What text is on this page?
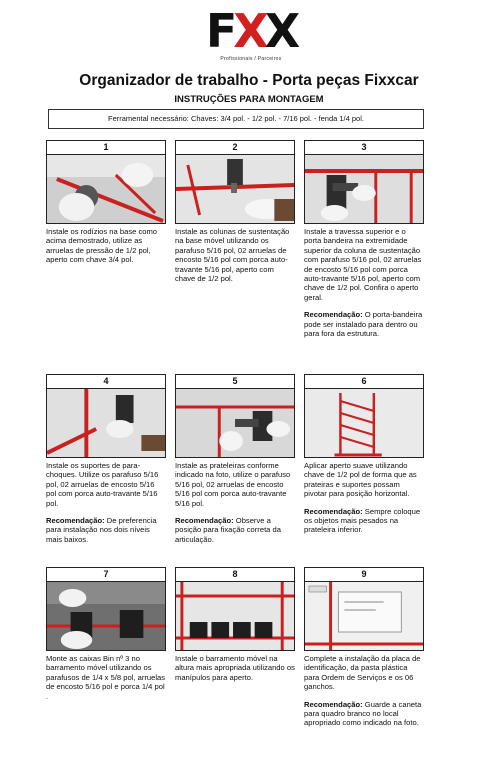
FXX
Profissionais / Parceiros
Organizador de trabalho - Porta peças Fixxcar
INSTRUÇÕES PARA MONTAGEM
Ferramental necessário: Chaves: 3/4 pol. - 1/2 pol. - 7/16 pol. - fenda 1/4 pol.
1
Instale os rodízios na base como acima demostrado, utilize as arruelas de pressão de 1/2 pol, aperto com chave 3/4 pol.
2
Instale as colunas de sustentação na base móvel utilizando os parafuso 5/16 pol, 02 arruelas de encosto 5/16 pol com porca auto-travante 5/16 pol, aperto com chave de 1/2 pol.
3
Instale a travessa superior e o porta bandeira na extremidade superior da coluna de sustentação com parafuso 5/16 pol, 02 arruelas de encosto 5/16 pol com porca auto-travante 5/16 pol, aperto com chave de 1/2 pol. Confira o aperto geral.
Recomendação: O porta-bandeira pode ser instalado para dentro ou para fora da estrutura.
4
Instale os suportes de para-choques. Utilize os parafuso 5/16 pol, 02 arruelas de encosto 5/16 pol com porca auto-travante 5/16 pol.
Recomendação: De preferencia para instalação nos dois níveis mais baixos.
5
Instale as prateleiras conforme indicado na foto, utilize o parafuso 5/16 pol, 02 arruelas de encosto 5/16 pol com porca auto-travante 5/16 pol.
Recomendação: Observe a posição para fixação correta da articulação.
6
Aplicar aperto suave utilizando chave de 1/2 pol de forma que as prateiras e suportes possam pivotar para posição horizontal.
Recomendação: Sempre coloque os objetos mais pesados na prateleira inferior.
7
Monte as caixas Bin nº 3 no barramento móvel utilizando os parafusos de 1/4 x 5/8 pol, arruelas de encosto 5/16 pol e porca 1/4 pol .
8
Instale o barramento móvel na altura mais apropriada utilizando os manípulos para aperto.
9
Complete a instalação da placa de identificação, da pasta plástica para Ordem de Serviços e os 06 ganchos.
Recomendação: Guarde a caneta para quadro branco no local apropriado como indicado na foto.
